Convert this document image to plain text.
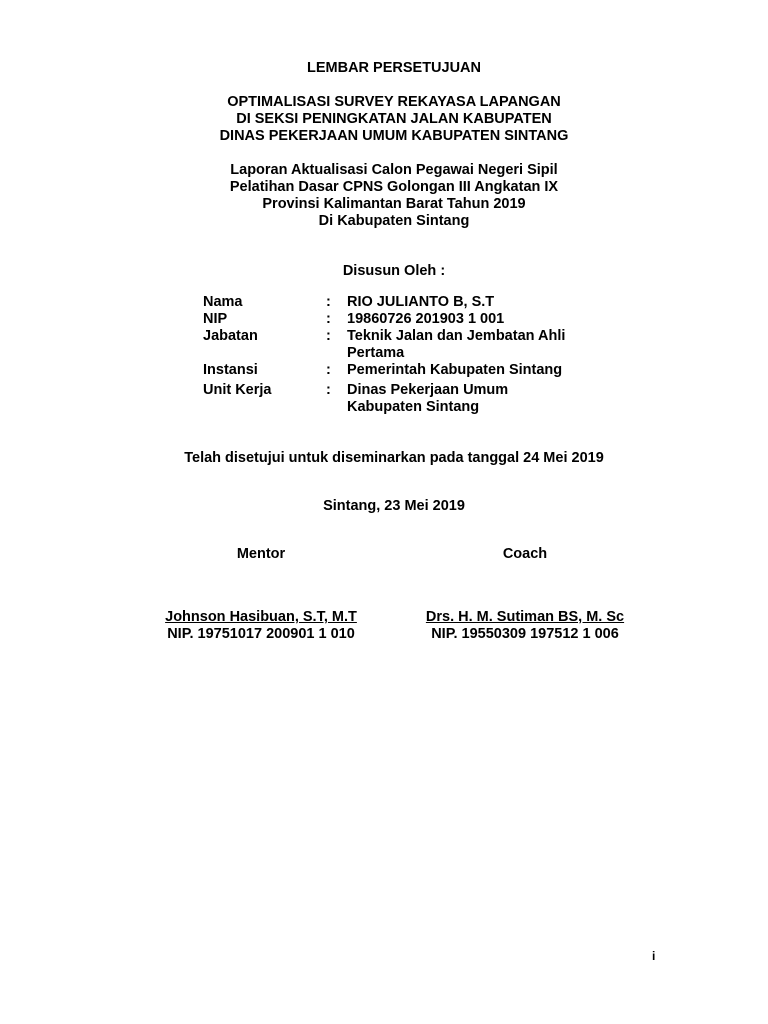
LEMBAR PERSETUJUAN
OPTIMALISASI SURVEY REKAYASA LAPANGAN
DI SEKSI PENINGKATAN JALAN KABUPATEN
DINAS PEKERJAAN UMUM KABUPATEN SINTANG
Laporan Aktualisasi Calon Pegawai Negeri Sipil
Pelatihan Dasar CPNS Golongan III Angkatan IX
Provinsi Kalimantan Barat Tahun 2019
Di Kabupaten Sintang
Disusun Oleh :
Nama	:	RIO JULIANTO B, S.T
NIP	:	19860726 201903 1 001
Jabatan	:	Teknik Jalan dan Jembatan Ahli
Pertama
Instansi	:	Pemerintah Kabupaten Sintang
Unit Kerja	:	Dinas Pekerjaan Umum
Kabupaten Sintang
Telah disetujui untuk diseminarkan pada tanggal 24 Mei 2019
Sintang, 23 Mei 2019
Mentor
Johnson Hasibuan, S.T, M.T
NIP. 19751017 200901 1 010
Coach
Drs. H. M. Sutiman BS, M. Sc
NIP. 19550309 197512 1 006
i
